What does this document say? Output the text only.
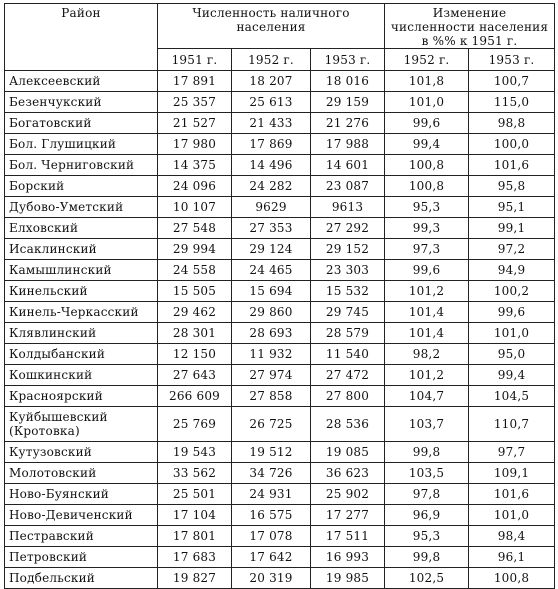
Район	Численность наличного населения			Изменение численности населения в %% к 1951 г.	
	1951 г.	1952 г.	1953 г.	1952 г.	1953 г.
Алексеевский	17 891	18 207	18 016	101,8	100,7
Безенчукский	25 357	25 613	29 159	101,0	115,0
Богатовский	21 527	21 433	21 276	99,6	98,8
Бол. Глушицкий	17 980	17 869	17 988	99,4	100,0
Бол. Черниговский	14 375	14 496	14 601	100,8	101,6
Борский	24 096	24 282	23 087	100,8	95,8
Дубово-Уметский	10 107	9629	9613	95,3	95,1
Елховский	27 548	27 353	27 292	99,3	99,1
Исаклинский	29 994	29 124	29 152	97,3	97,2
Камышлинский	24 558	24 465	23 303	99,6	94,9
Кинельский	15 505	15 694	15 532	101,2	100,2
Кинель-Черкасский	29 462	29 860	29 745	101,4	99,6
Клявлинский	28 301	28 693	28 579	101,4	101,0
Колдыбанский	12 150	11 932	11 540	98,2	95,0
Кошкинский	27 643	27 974	27 472	101,2	99,4
Красноярский	266 609	27 858	27 800	104,7	104,5
Куйбышевский (Кротовка)	25 769	26 725	28 536	103,7	110,7
Кутузовский	19 543	19 512	19 085	99,8	97,7
Молотовский	33 562	34 726	36 623	103,5	109,1
Ново-Буянский	25 501	24 931	25 902	97,8	101,6
Ново-Девиченский	17 104	16 575	17 277	96,9	101,0
Пестравский	17 801	17 078	17 511	95,3	98,4
Петровский	17 683	17 642	16 993	99,8	96,1
Подбельский	19 827	20 319	19 985	102,5	100,8
